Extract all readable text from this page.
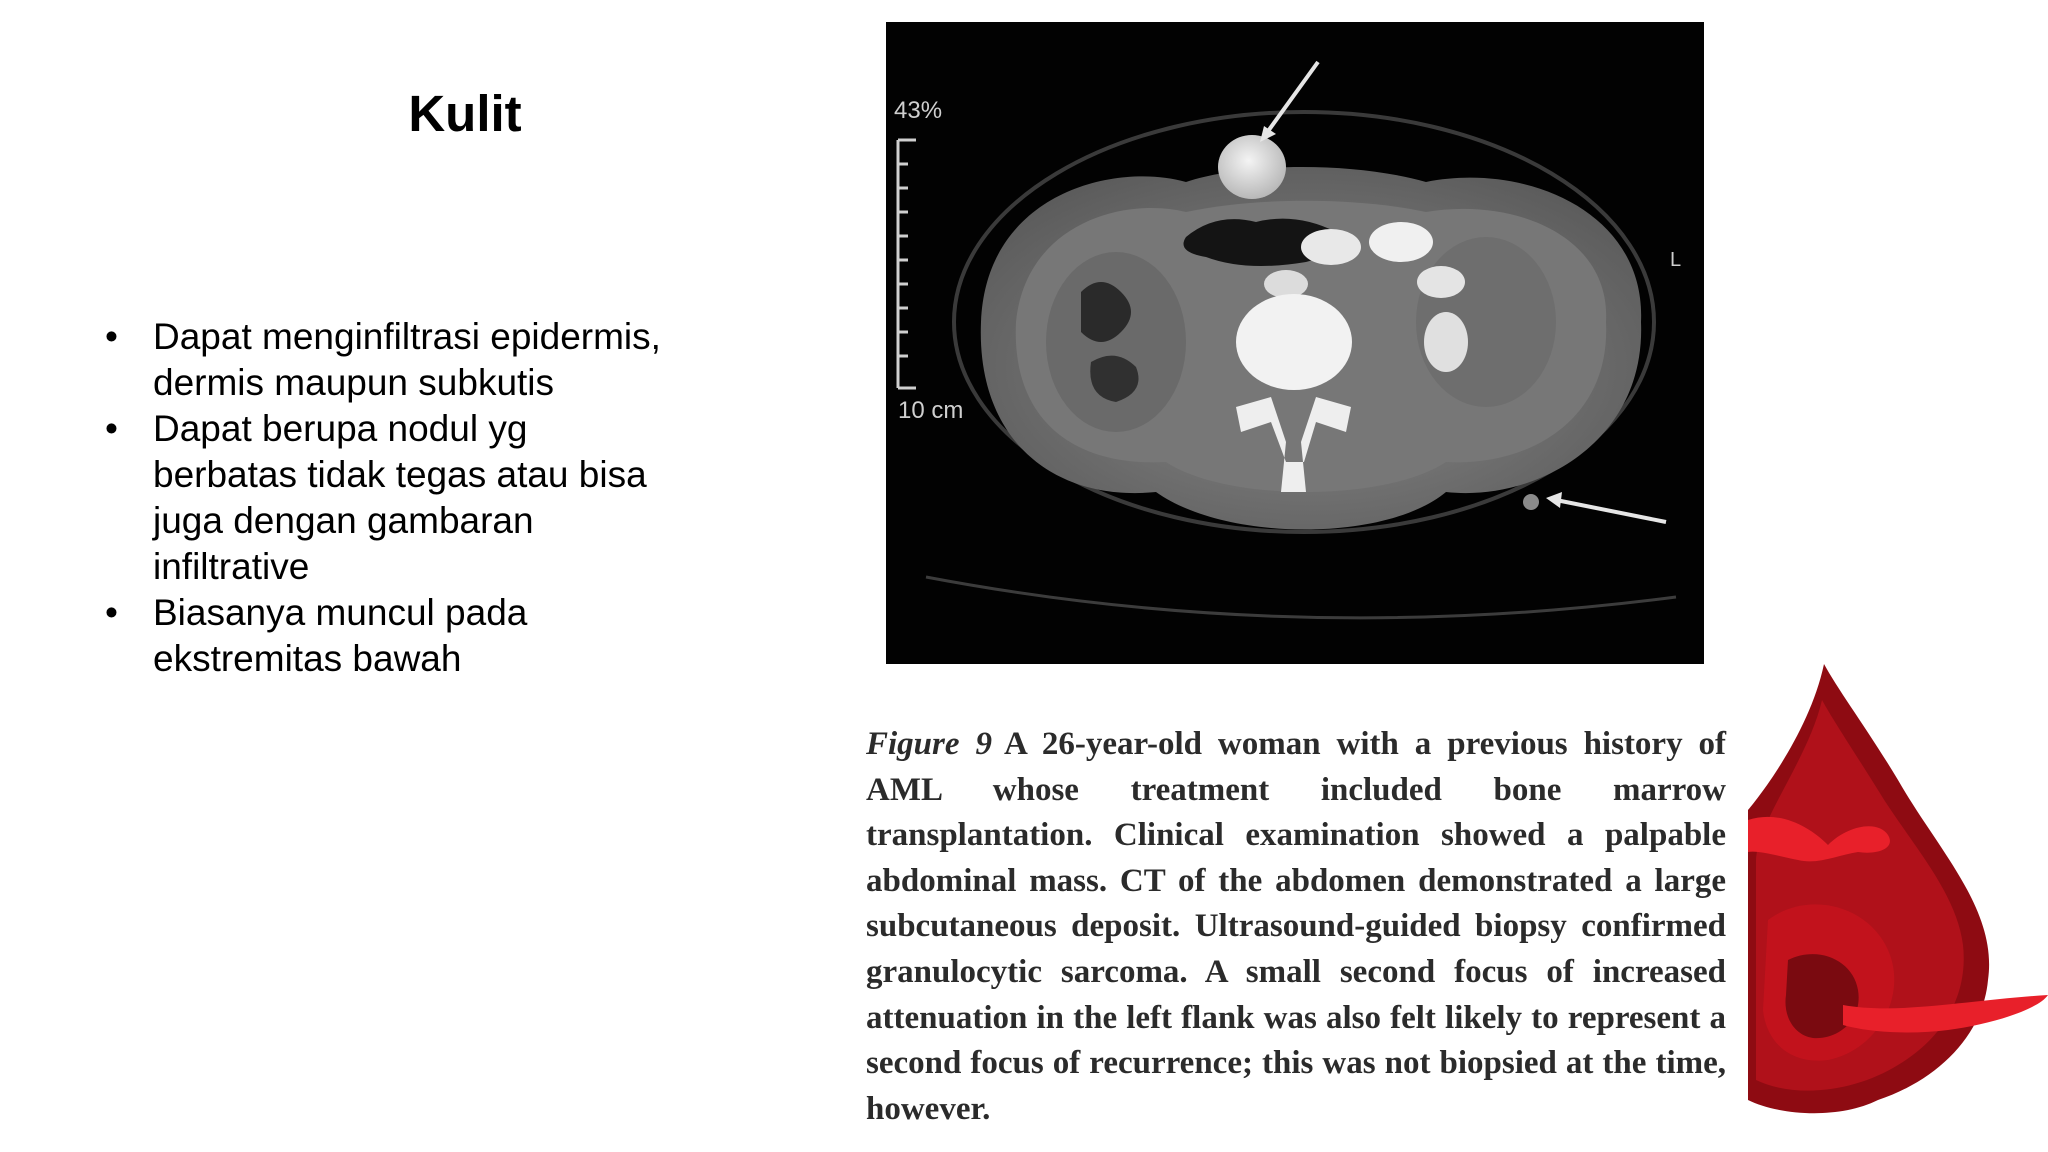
Kulit
• Dapat menginfiltrasi epidermis, dermis maupun subkutis
• Dapat berupa nodul yg berbatas tidak tegas atau bisa juga dengan gambaran infiltrative
• Biasanya muncul pada ekstremitas bawah
43%
10 cm
L

Figure 9 A 26-year-old woman with a previous history of AML whose treatment included bone marrow transplantation. Clinical examination showed a palpable abdominal mass. CT of the abdomen demonstrated a large subcutaneous deposit. Ultrasound-guided biopsy confirmed granulocytic sarcoma. A small second focus of increased attenuation in the left flank was also felt likely to represent a second focus of recurrence; this was not biopsied at the time, however.
